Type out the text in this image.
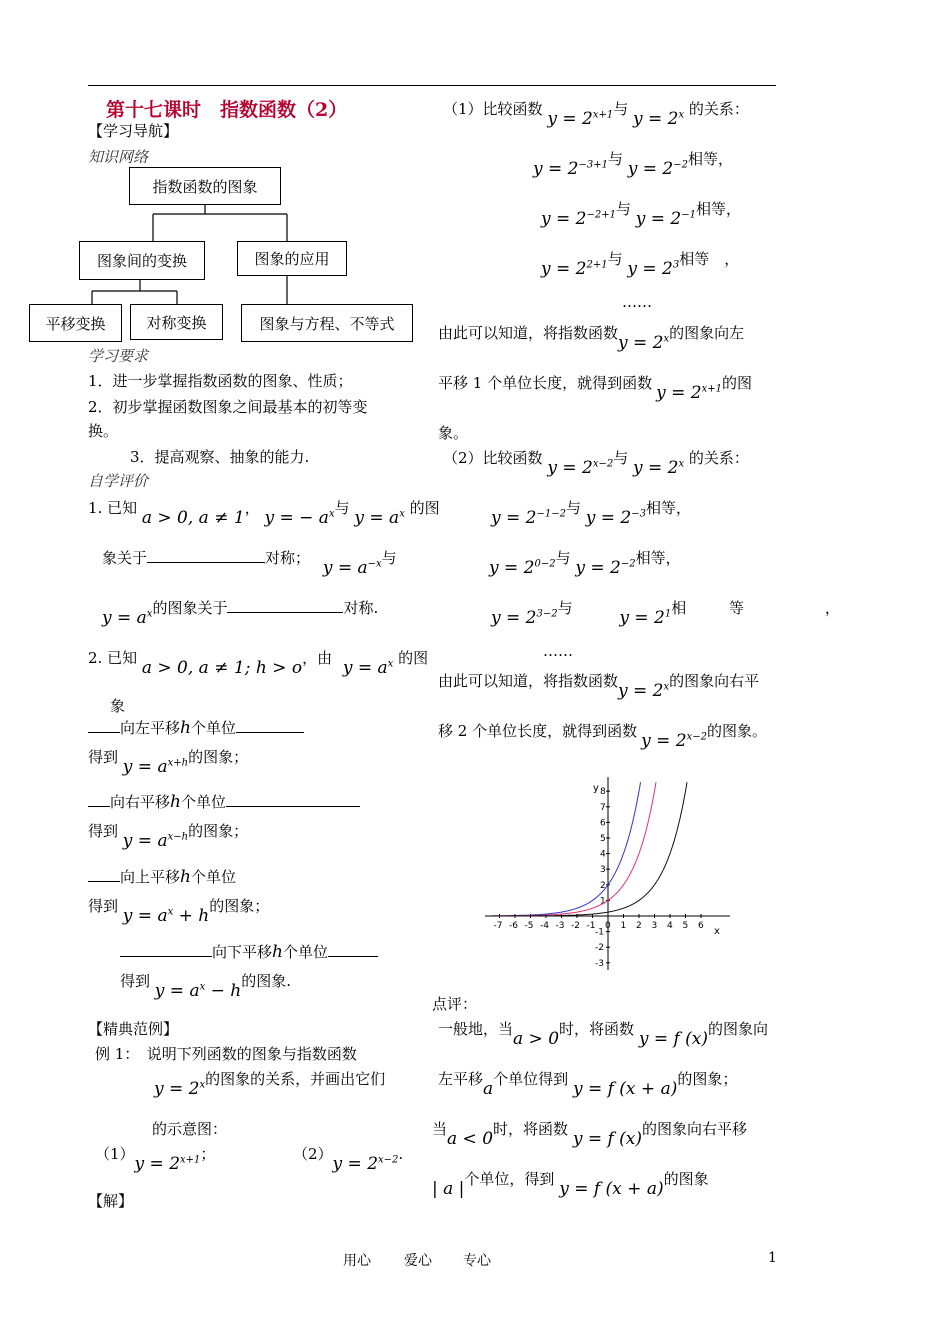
第十七课时　指数函数（2）
【学习导航】
知识网络
指数函数的图象
图象间的变换	图象的应用
平移变换	对称变换	图象与方程、不等式
学习要求
1．进一步掌握指数函数的图象、性质；
2．初步掌握函数图象之间最基本的初等变
换。
3．提高观察、抽象的能力.
自学评价
1. 已知 a > 0, a ≠ 1， y = − $a^x$与 $y = a^x$ 的图
象关于	对称； $y = a^{-x}$与
$y = a^x$的图象关于	对称.
2. 已知 a > 0, a ≠ 1; h > o，由 $y = a^x$ 的图
象
向左平移h个单位
得到 $y = a^{x+h}$的图象；
向右平移h个单位
得到 $y = a^{x-h}$的图象；
向上平移h个单位
得到 $y = a^x + h$的图象；
向下平移h个单位
得到 $y = a^x - h$的图象.
【精典范例】
例 1：　说明下列函数的图象与指数函数
$y = 2^x$的图象的关系，并画出它们
的示意图：
$(1)y = 2^{x+1}$；	$(2)y = 2^{x-2}$.
【解】
（1）比较函数 $y = 2^{x+1}$与 $y = 2^x$ 的关系：
$y = 2^{-3+1}$与 $y = 2^{-2}$相等，
$y = 2^{-2+1}$与 $y = 2^{-1}$相等，
$y = 2^{2+1}$与 $y = 2^3$相等　，
……
由此可以知道，将指数函数$y = 2^x$的图象向左
平移 1 个单位长度，就得到函数 $y = 2^{x+1}$的图
象。
（2）比较函数 $y = 2^{x-2}$与 $y = 2^x$ 的关系：
$y = 2^{-1-2}$与 $y = 2^{-3}$相等，
$y = 2^{0-2}$与 $y = 2^{-2}$相等，
$y = 2^{3-2}$与	$y = 2^1$相	等	，
……
由此可以知道，将指数函数$y = 2^x$的图象向右平
移 2 个单位长度，就得到函数 $y = 2^{x-2}$的图象。
-7 -6 -5 -4 -3 -2 -1 0 1 2 3 4 5 6
8
7
6
5
4
3
2
1
-1
-2
-3
x
y
点评：
一般地，当a > 0时，将函数 y = f (x)的图象向
左平移a个单位得到 y = f (x + a)的图象；
当a < 0时，将函数 y = f (x)的图象向右平移
| a |个单位，得到 y = f (x + a)的图象
用心 爱心 专心	1
